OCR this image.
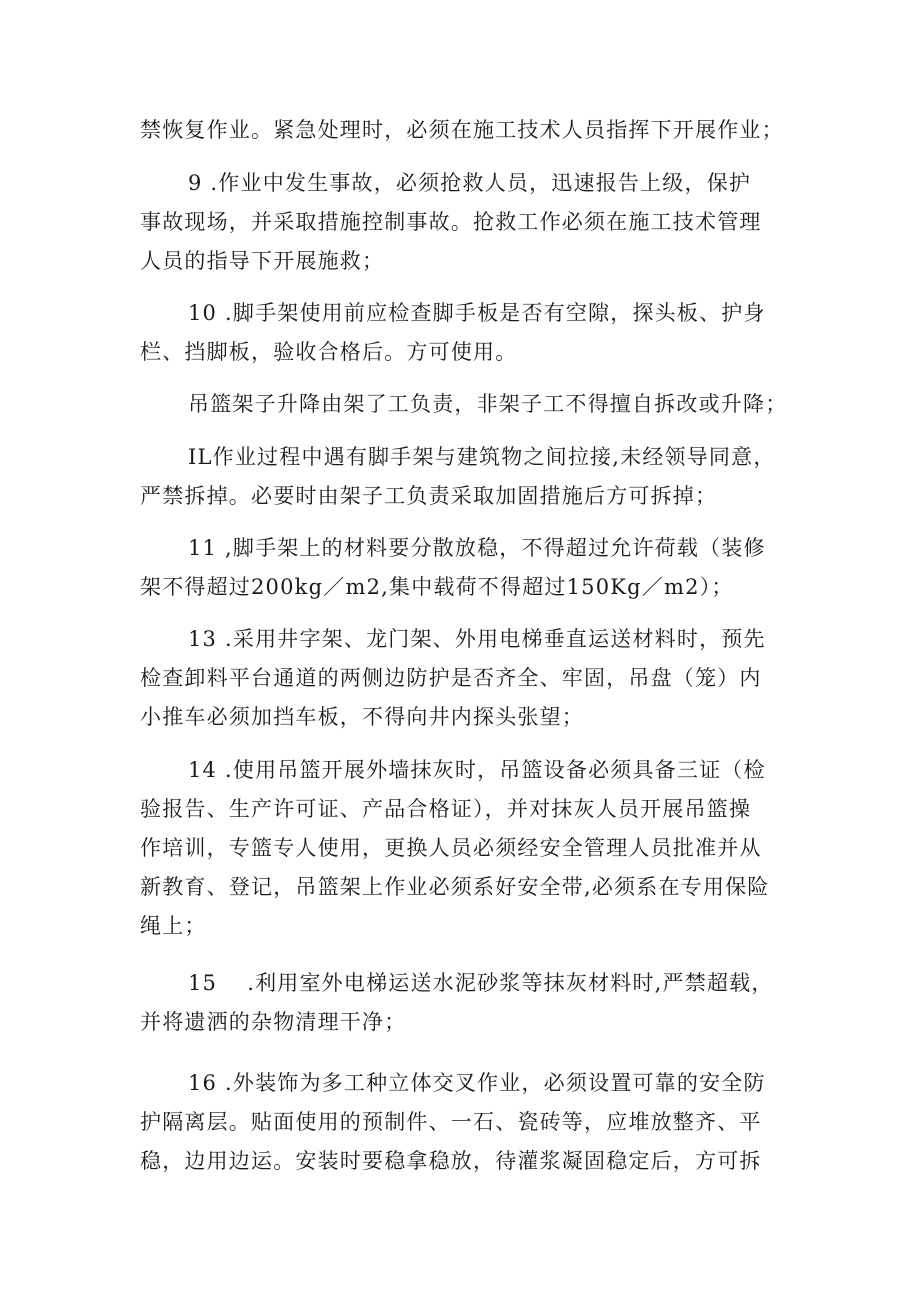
禁恢复作业。紧急处理时，必须在施工技术人员指挥下开展作业；
9 .作业中发生事故，必须抢救人员，迅速报告上级，保护
事故现场，并采取措施控制事故。抢救工作必须在施工技术管理
人员的指导下开展施救；
10 .脚手架使用前应检查脚手板是否有空隙，探头板、护身
栏、挡脚板，验收合格后。方可使用。
吊篮架子升降由架了工负责，非架子工不得擅自拆改或升降；
IL作业过程中遇有脚手架与建筑物之间拉接,未经领导同意，
严禁拆掉。必要时由架子工负责采取加固措施后方可拆掉；
11 ,脚手架上的材料要分散放稳，不得超过允许荷载（装修
架不得超过200kg／m2,集中载荷不得超过150Kg／m2）；
13 .采用井字架、龙门架、外用电梯垂直运送材料时，预先
检查卸料平台通道的两侧边防护是否齐全、牢固，吊盘（笼）内
小推车必须加挡车板，不得向井内探头张望；
14 .使用吊篮开展外墙抹灰时，吊篮设备必须具备三证（检
验报告、生产许可证、产品合格证），并对抹灰人员开展吊篮操
作培训，专篮专人使用，更换人员必须经安全管理人员批准并从
新教育、登记，吊篮架上作业必须系好安全带,必须系在专用保险
绳上；
15　 .利用室外电梯运送水泥砂浆等抹灰材料时,严禁超载，
并将遗洒的杂物清理干净；
16 .外装饰为多工种立体交叉作业，必须设置可靠的安全防
护隔离层。贴面使用的预制件、一石、瓷砖等，应堆放整齐、平
稳，边用边运。安装时要稳拿稳放，待灌浆凝固稳定后，方可拆
